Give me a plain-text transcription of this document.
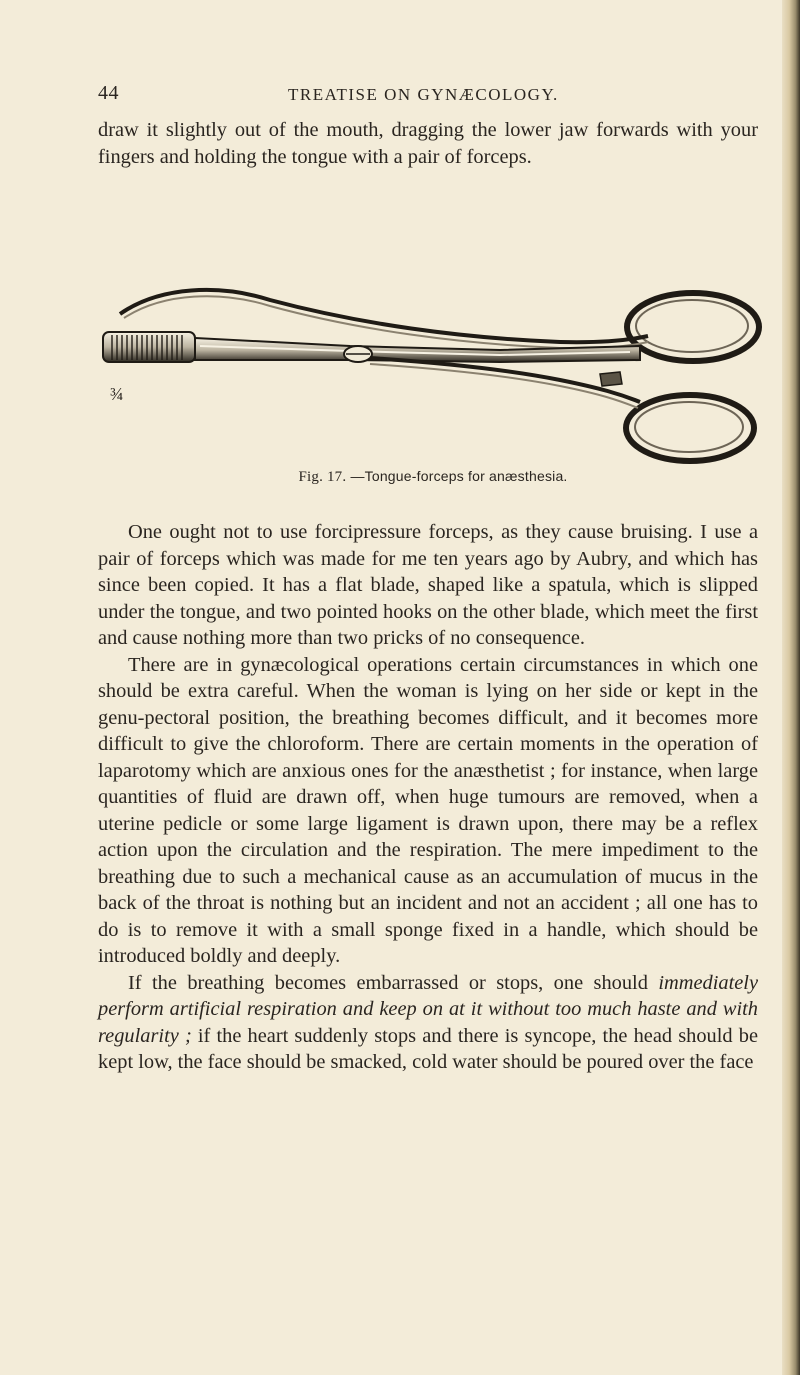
44	TREATISE ON GYNÆCOLOGY.

draw it slightly out of the mouth, dragging the lower jaw forwards with your fingers and holding the tongue with a pair of forceps.

¾
Fig. 17. —Tongue-forceps for anæsthesia.

One ought not to use forcipressure forceps, as they cause bruising. I use a pair of forceps which was made for me ten years ago by Aubry, and which has since been copied. It has a flat blade, shaped like a spatula, which is slipped under the tongue, and two pointed hooks on the other blade, which meet the first and cause nothing more than two pricks of no consequence.

There are in gynæcological operations certain circumstances in which one should be extra careful. When the woman is lying on her side or kept in the genu-pectoral position, the breathing becomes difficult, and it becomes more difficult to give the chloroform. There are certain moments in the operation of laparotomy which are anxious ones for the anæsthetist ; for instance, when large quantities of fluid are drawn off, when huge tumours are removed, when a uterine pedicle or some large ligament is drawn upon, there may be a reflex action upon the circulation and the respiration. The mere impediment to the breathing due to such a mechanical cause as an accumulation of mucus in the back of the throat is nothing but an incident and not an accident ; all one has to do is to remove it with a small sponge fixed in a handle, which should be introduced boldly and deeply.

If the breathing becomes embarrassed or stops, one should immediately perform artificial respiration and keep on at it without too much haste and with regularity ; if the heart suddenly stops and there is syncope, the head should be kept low, the face should be smacked, cold water should be poured over the face
